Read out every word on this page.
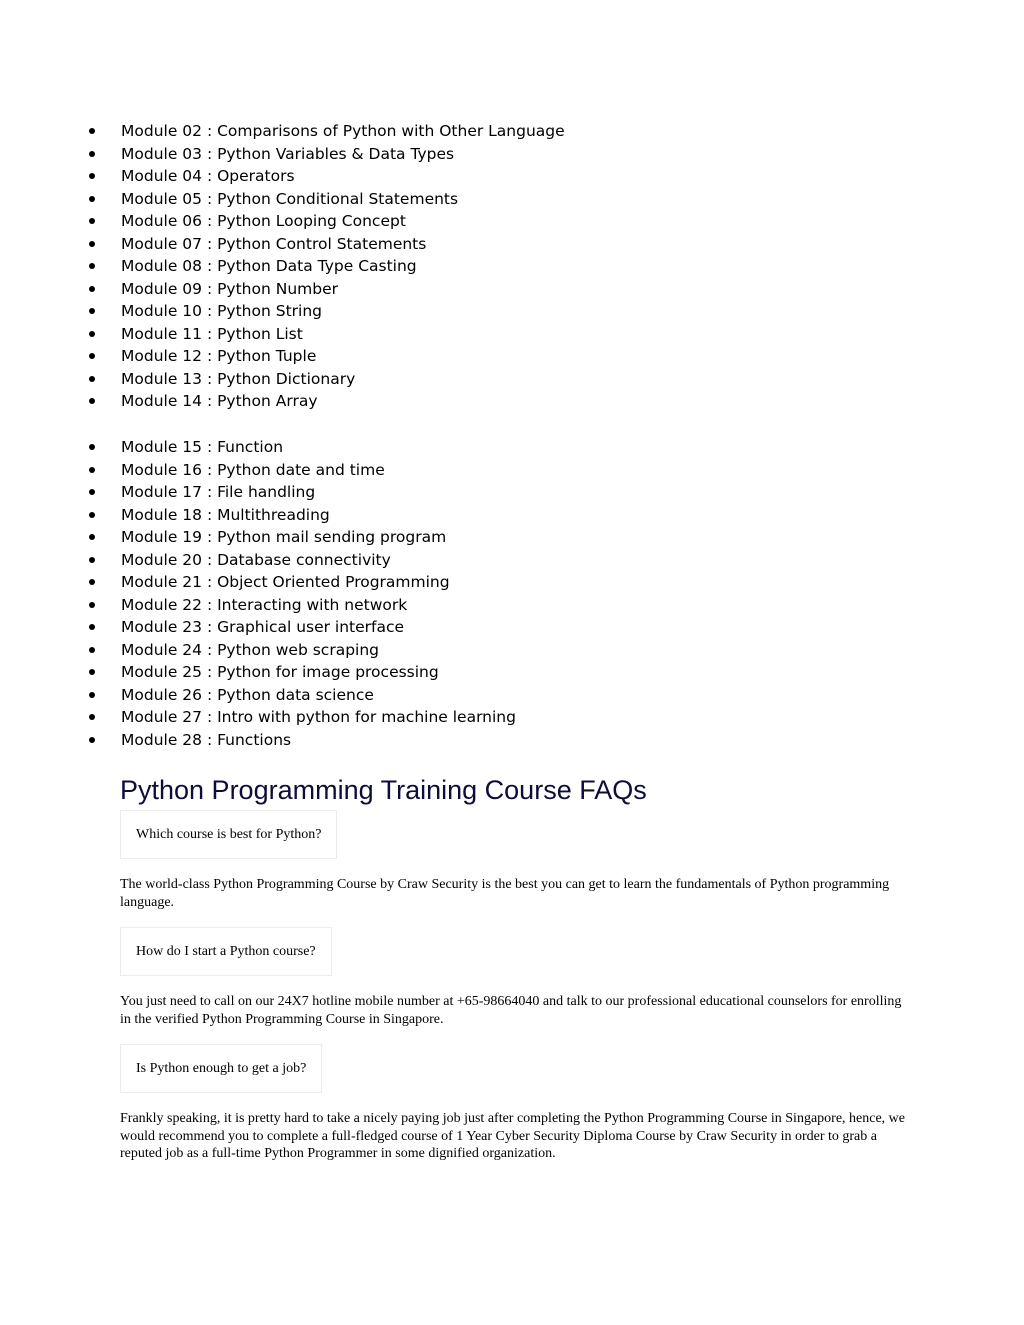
Module 02 : Comparisons of Python with Other Language
Module 03 : Python Variables & Data Types
Module 04 : Operators
Module 05 : Python Conditional Statements
Module 06 : Python Looping Concept
Module 07 : Python Control Statements
Module 08 : Python Data Type Casting
Module 09 : Python Number
Module 10 : Python String
Module 11 : Python List
Module 12 : Python Tuple
Module 13 : Python Dictionary
Module 14 : Python Array
Module 15 : Function
Module 16 : Python date and time
Module 17 : File handling
Module 18 : Multithreading
Module 19 : Python mail sending program
Module 20 : Database connectivity
Module 21 : Object Oriented Programming
Module 22 : Interacting with network
Module 23 : Graphical user interface
Module 24 : Python web scraping
Module 25 : Python for image processing
Module 26 : Python data science
Module 27 : Intro with python for machine learning
Module 28 : Functions
Python Programming Training Course FAQs
Which course is best for Python?

The world-class Python Programming Course by Craw Security is the best you can get to learn the fundamentals of Python programming language.

How do I start a Python course?

You just need to call on our 24X7 hotline mobile number at +65-98664040 and talk to our professional educational counselors for enrolling in the verified Python Programming Course in Singapore.

Is Python enough to get a job?

Frankly speaking, it is pretty hard to take a nicely paying job just after completing the Python Programming Course in Singapore, hence, we would recommend you to complete a full-fledged course of 1 Year Cyber Security Diploma Course by Craw Security in order to grab a reputed job as a full-time Python Programmer in some dignified organization.
